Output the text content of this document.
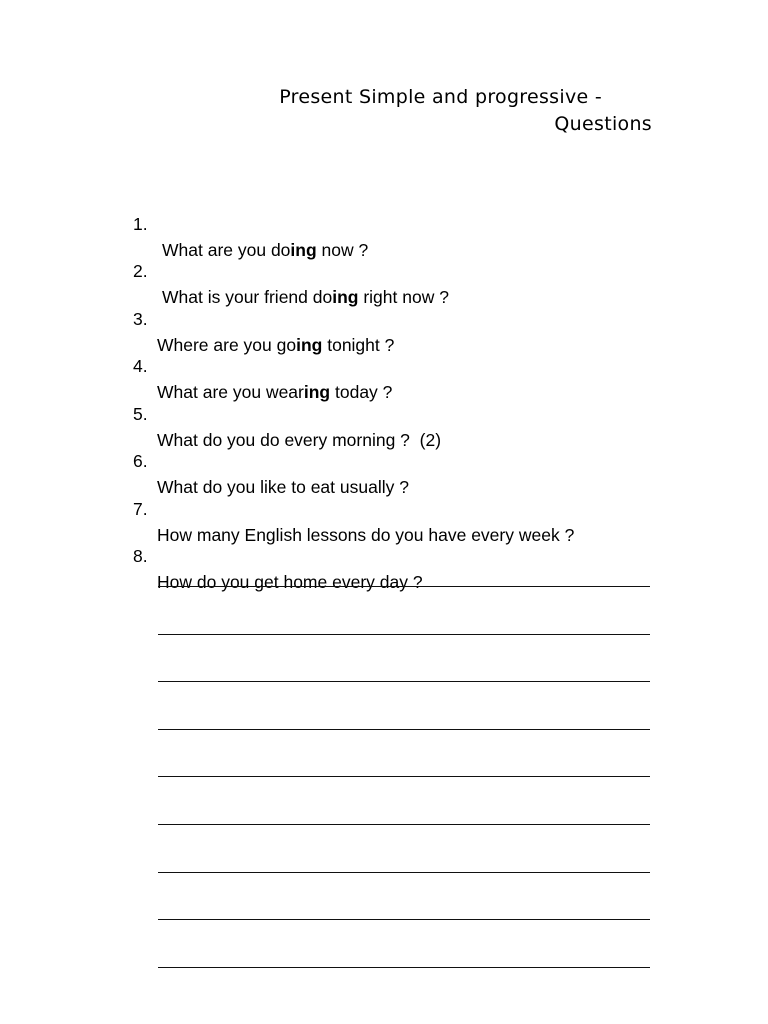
Present Simple and progressive -
Questions

1.

What are you doing now ?

2.

What is your friend doing right now ?

3.

Where are you going tonight ?

4.

What are you wearing today ?

5.

What do you do every morning ?  (2)

6.

What do you like to eat usually ?

7.

How many English lessons do you have every week ?

8.

How do you get home every day ?
